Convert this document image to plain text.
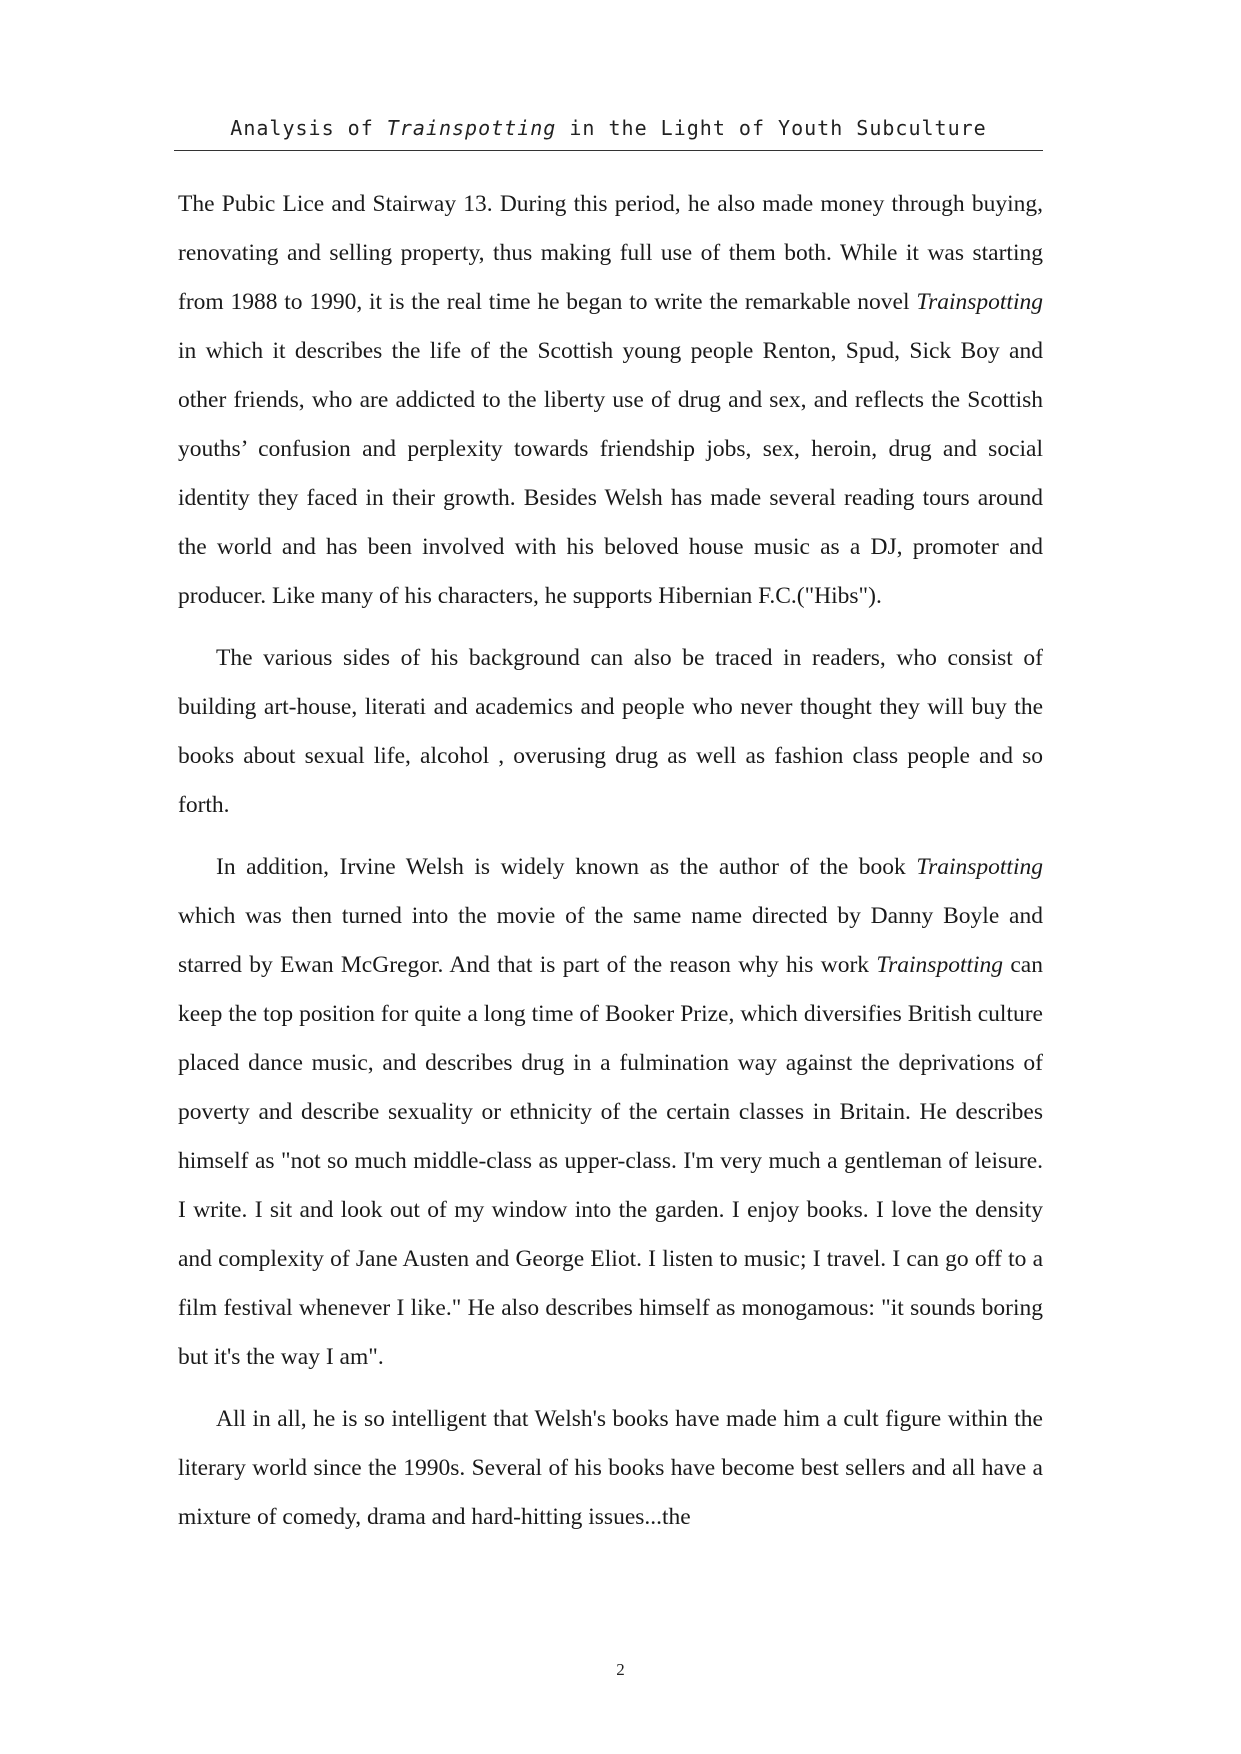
Analysis of Trainspotting in the Light of Youth Subculture

The Pubic Lice and Stairway 13. During this period, he also made money through buying, renovating and selling property, thus making full use of them both. While it was starting from 1988 to 1990, it is the real time he began to write the remarkable novel Trainspotting in which it describes the life of the Scottish young people Renton, Spud, Sick Boy and other friends, who are addicted to the liberty use of drug and sex, and reflects the Scottish youths’ confusion and perplexity towards friendship jobs, sex, heroin, drug and social identity they faced in their growth. Besides Welsh has made several reading tours around the world and has been involved with his beloved house music as a DJ, promoter and producer. Like many of his characters, he supports Hibernian F.C.("Hibs").

The various sides of his background can also be traced in readers, who consist of building art-house, literati and academics and people who never thought they will buy the books about sexual life, alcohol , overusing drug as well as fashion class people and so forth.

In addition, Irvine Welsh is widely known as the author of the book Trainspotting which was then turned into the movie of the same name directed by Danny Boyle and starred by Ewan McGregor. And that is part of the reason why his work Trainspotting can keep the top position for quite a long time of Booker Prize, which diversifies British culture placed dance music, and describes drug in a fulmination way against the deprivations of poverty and describe sexuality or ethnicity of the certain classes in Britain. He describes himself as "not so much middle-class as upper-class. I'm very much a gentleman of leisure. I write. I sit and look out of my window into the garden. I enjoy books. I love the density and complexity of Jane Austen and George Eliot. I listen to music; I travel. I can go off to a film festival whenever I like." He also describes himself as monogamous: "it sounds boring but it's the way I am".

All in all, he is so intelligent that Welsh's books have made him a cult figure within the literary world since the 1990s. Several of his books have become best sellers and all have a mixture of comedy, drama and hard-hitting issues...the

2
